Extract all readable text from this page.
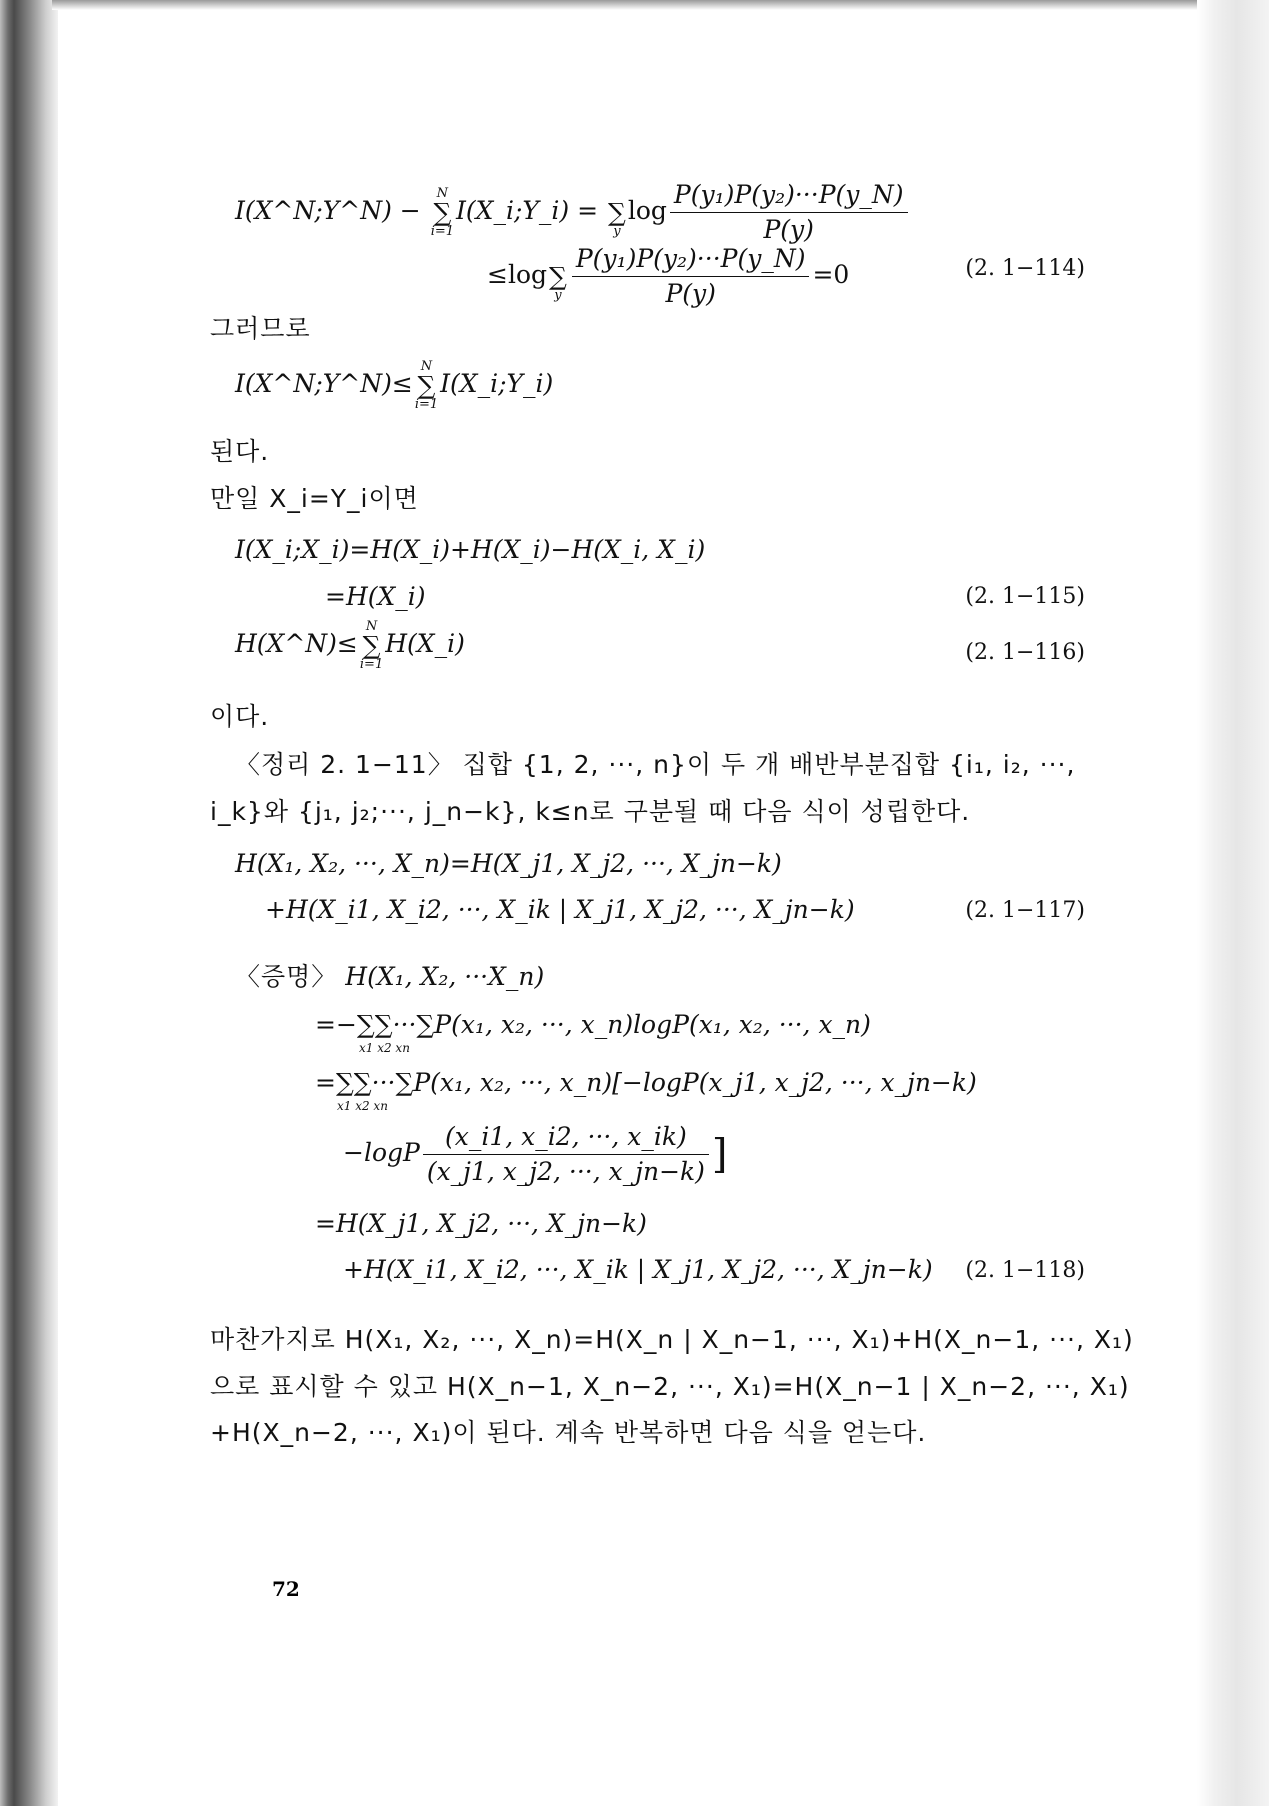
I(X^N;Y^N) −
N
∑
i=1
I(X_i;Y_i) =
∑
y
$\log \frac{\text{P(y₁)P(y₂)···P(y\_N)}}{P(y)}$
≤log
∑
y $\frac{\text{P(y₁)P(y₂)···P(y\_N)}}{P(y)} =0$	(2. 1−114)
그러므로
I(X^N;Y^N)≤
N
∑
i=1
I(X_i;Y_i)
된다.
만일 X_i=Y_i이면
I(X_i;X_i)=H(X_i)+H(X_i)−H(X_i, X_i)
=H(X_i)	(2. 1−115)
H(X^N)≤
N
∑
i=1
H(X_i)	(2. 1−116)
이다.
〈정리 2. 1−11〉 집합 {1, 2, ···, n}이 두 개 배반부분집합 {i₁, i₂, ···,
i_k}와 {j₁, j₂;···, j_n−k}, k≤n로 구분될 때 다음 식이 성립한다.
H(X₁, X₂, ···, X_n)=H(X_j1, X_j2, ···, X_jn−k)
+H(X_i1, X_i2, ···, X_ik | X_j1, X_j2, ···, X_jn−k)	(2. 1−117)
〈증명〉 H(X₁, X₂, ···X_n)
=−∑∑···∑P(x₁, x₂, ···, x_n)logP(x₁, x₂, ···, x_n)
x1 x2 xn
=∑∑···∑P(x₁, x₂, ···, x_n)[−logP(x_j1, x_j2, ···, x_jn−k)
x1 x2 xn
$-\log P \frac{(x\_i1, x\_i2, \cdot\cdot\cdot, x\_ik)}{(x\_j1, x\_j2, \cdot\cdot\cdot, x\_jn-k)}$ ]
=H(X_j1, X_j2, ···, X_jn−k)
+H(X_i1, X_i2, ···, X_ik | X_j1, X_j2, ···, X_jn−k) (2. 1−118)
마찬가지로 H(X₁, X₂, ···, X_n)=H(X_n | X_n−1, ···, X₁)+H(X_n−1, ···, X₁)
으로 표시할 수 있고 H(X_n−1, X_n−2, ···, X₁)=H(X_n−1 | X_n−2, ···, X₁)
+H(X_n−2, ···, X₁)이 된다. 계속 반복하면 다음 식을 얻는다.
72
